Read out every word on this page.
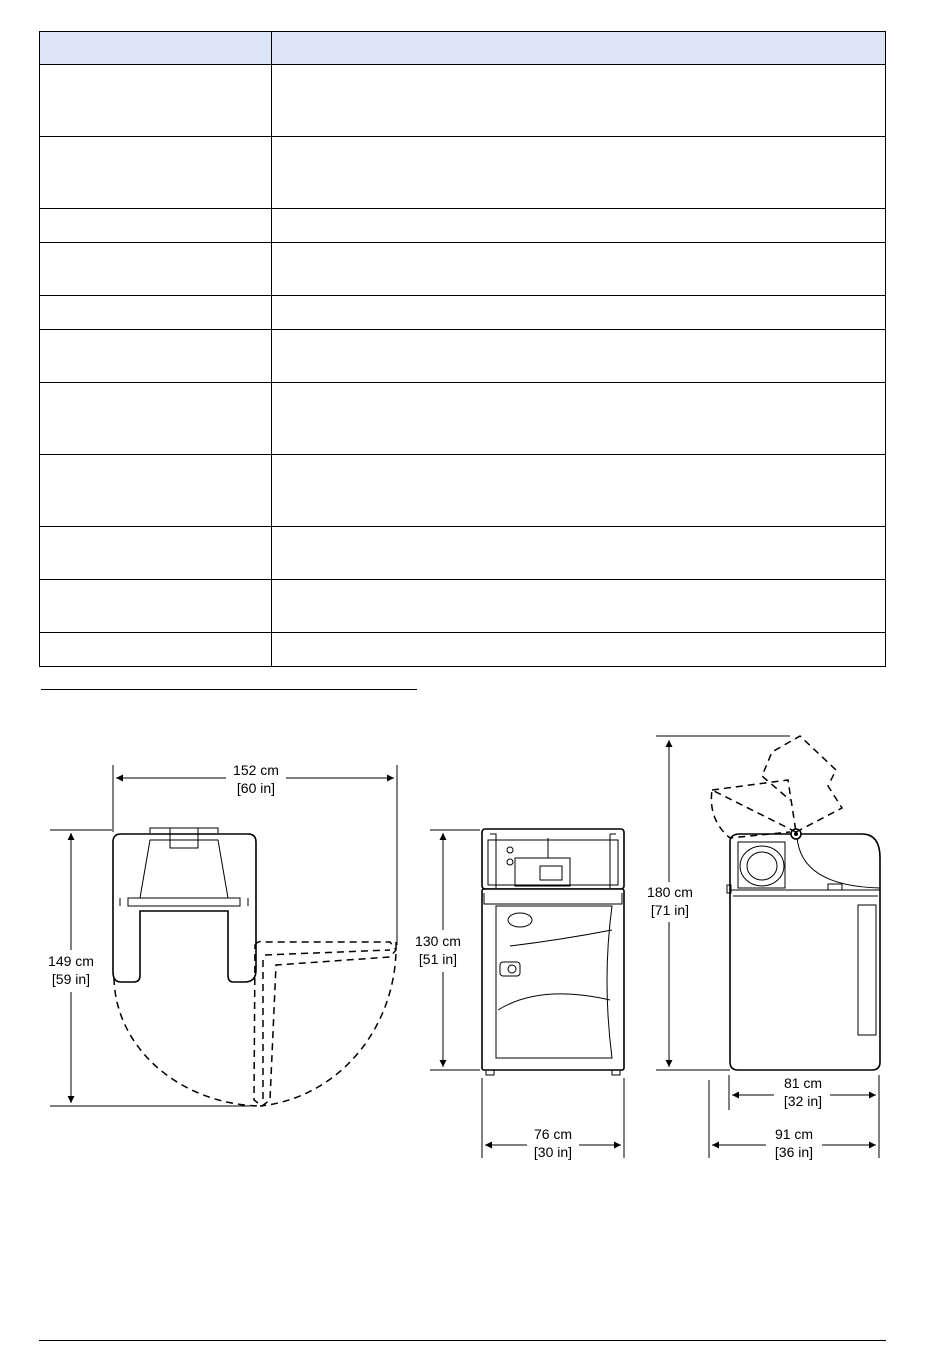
152 cm
[60 in]
149 cm
[59 in]
130 cm
[51 in]
76 cm
[30 in]
180 cm
[71 in]
81 cm
[32 in]
91 cm
[36 in]
